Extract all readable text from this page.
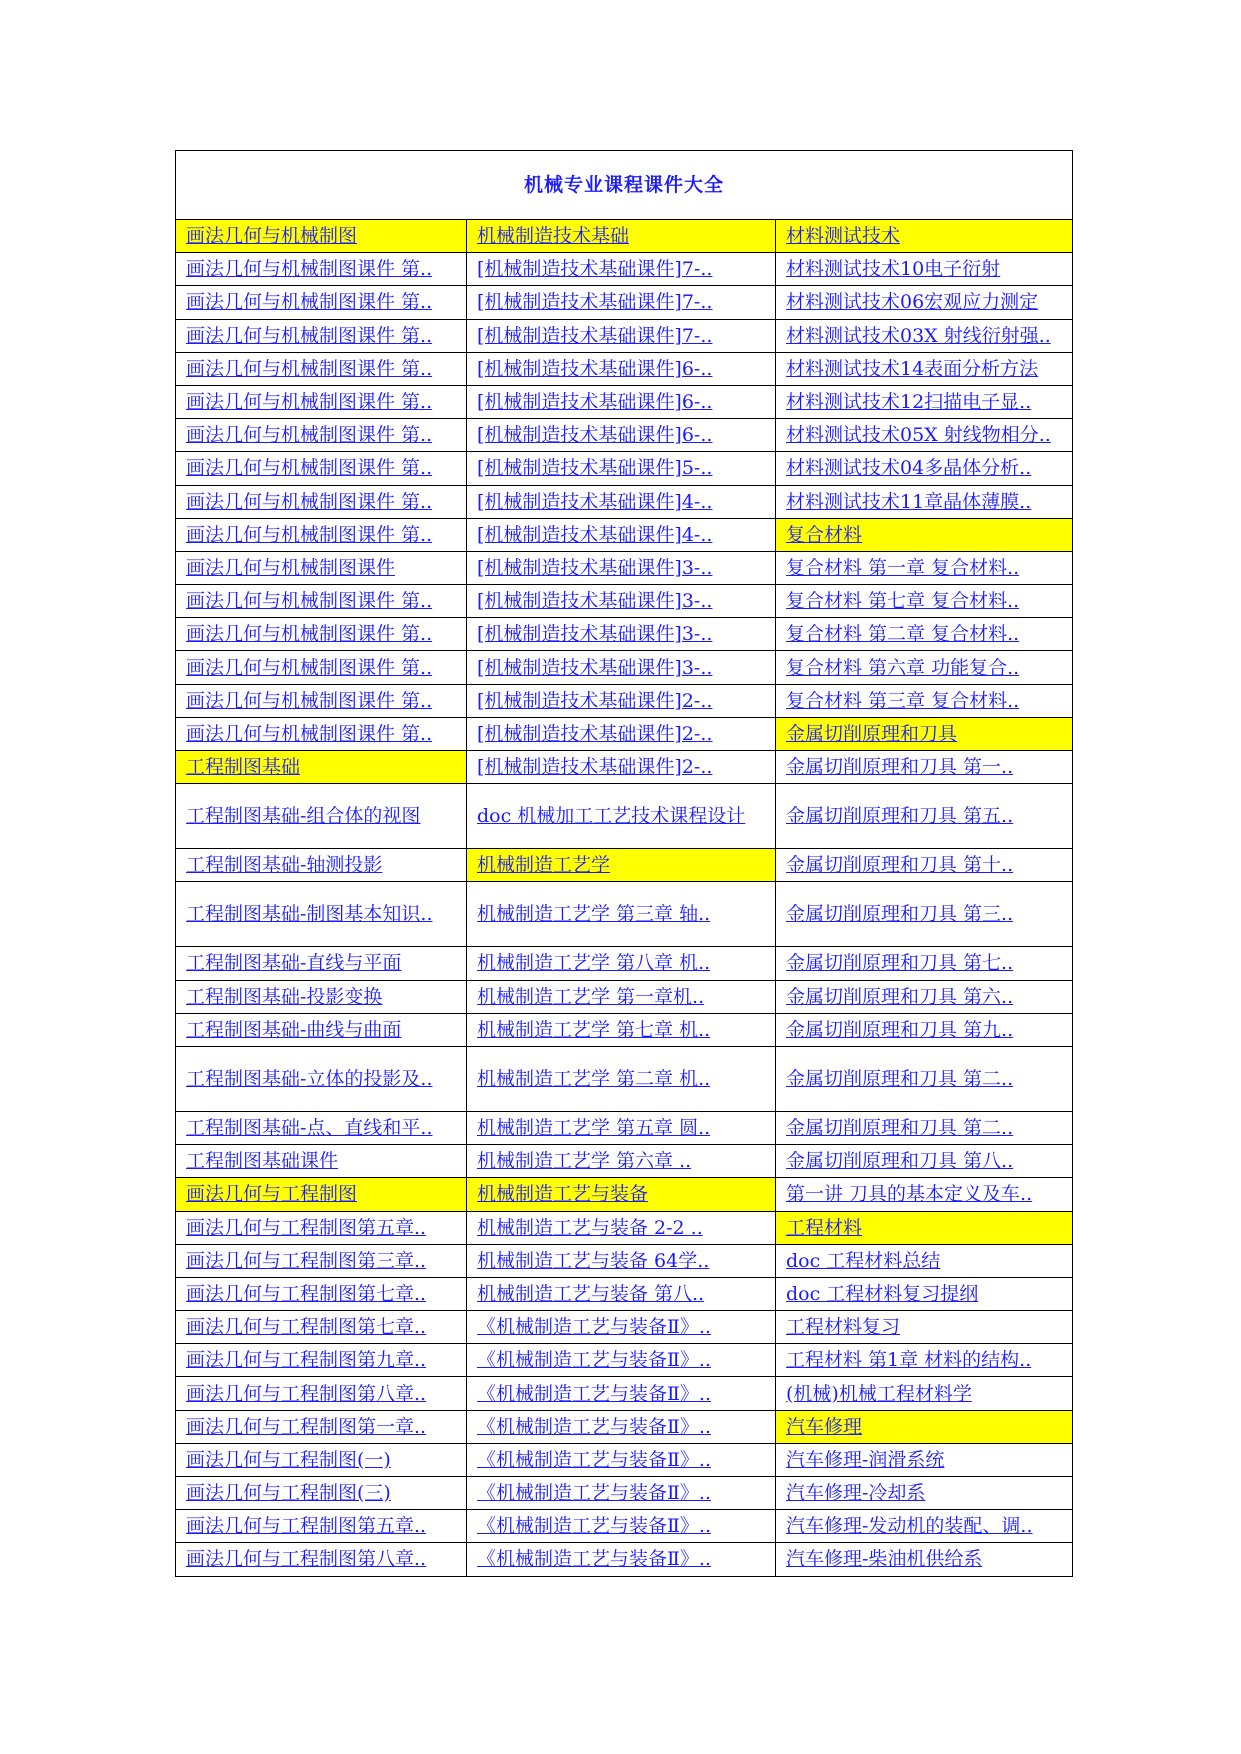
机械专业课程课件大全		
画法几何与机械制图	机械制造技术基础	材料测试技术
画法几何与机械制图课件 第..	[机械制造技术基础课件]7-..	材料测试技术10电子衍射
画法几何与机械制图课件 第..	[机械制造技术基础课件]7-..	材料测试技术06宏观应力测定
画法几何与机械制图课件 第..	[机械制造技术基础课件]7-..	材料测试技术03X 射线衍射强..
画法几何与机械制图课件 第..	[机械制造技术基础课件]6-..	材料测试技术14表面分析方法
画法几何与机械制图课件 第..	[机械制造技术基础课件]6-..	材料测试技术12扫描电子显..
画法几何与机械制图课件 第..	[机械制造技术基础课件]6-..	材料测试技术05X 射线物相分..
画法几何与机械制图课件 第..	[机械制造技术基础课件]5-..	材料测试技术04多晶体分析..
画法几何与机械制图课件 第..	[机械制造技术基础课件]4-..	材料测试技术11章晶体薄膜..
画法几何与机械制图课件 第..	[机械制造技术基础课件]4-..	复合材料
画法几何与机械制图课件	[机械制造技术基础课件]3-..	复合材料 第一章 复合材料..
画法几何与机械制图课件 第..	[机械制造技术基础课件]3-..	复合材料 第七章 复合材料..
画法几何与机械制图课件 第..	[机械制造技术基础课件]3-..	复合材料 第二章 复合材料..
画法几何与机械制图课件 第..	[机械制造技术基础课件]3-..	复合材料 第六章 功能复合..
画法几何与机械制图课件 第..	[机械制造技术基础课件]2-..	复合材料 第三章 复合材料..
画法几何与机械制图课件 第..	[机械制造技术基础课件]2-..	金属切削原理和刀具
工程制图基础	[机械制造技术基础课件]2-..	金属切削原理和刀具 第一..
工程制图基础-组合体的视图	doc 机械加工工艺技术课程设计	金属切削原理和刀具 第五..
工程制图基础-轴测投影	机械制造工艺学	金属切削原理和刀具 第十..
工程制图基础-制图基本知识..	机械制造工艺学 第三章 轴..	金属切削原理和刀具 第三..
工程制图基础-直线与平面	机械制造工艺学 第八章 机..	金属切削原理和刀具 第七..
工程制图基础-投影变换	机械制造工艺学 第一章机..	金属切削原理和刀具 第六..
工程制图基础-曲线与曲面	机械制造工艺学 第七章 机..	金属切削原理和刀具 第九..
工程制图基础-立体的投影及..	机械制造工艺学 第二章 机..	金属切削原理和刀具 第二..
工程制图基础-点、直线和平..	机械制造工艺学 第五章 圆..	金属切削原理和刀具 第二..
工程制图基础课件	机械制造工艺学 第六章 ..	金属切削原理和刀具 第八..
画法几何与工程制图	机械制造工艺与装备	第一讲 刀具的基本定义及车..
画法几何与工程制图第五章..	机械制造工艺与装备 2-2 ..	工程材料
画法几何与工程制图第三章..	机械制造工艺与装备 64学..	doc 工程材料总结
画法几何与工程制图第七章..	机械制造工艺与装备 第八..	doc 工程材料复习提纲
画法几何与工程制图第七章..	《机械制造工艺与装备Ⅱ》..	工程材料复习
画法几何与工程制图第九章..	《机械制造工艺与装备Ⅱ》..	工程材料 第1章 材料的结构..
画法几何与工程制图第八章..	《机械制造工艺与装备Ⅱ》..	(机械)机械工程材料学
画法几何与工程制图第一章..	《机械制造工艺与装备Ⅱ》..	汽车修理
画法几何与工程制图(一)	《机械制造工艺与装备Ⅱ》..	汽车修理-润滑系统
画法几何与工程制图(三)	《机械制造工艺与装备Ⅱ》..	汽车修理-冷却系
画法几何与工程制图第五章..	《机械制造工艺与装备Ⅱ》..	汽车修理-发动机的装配、调..
画法几何与工程制图第八章..	《机械制造工艺与装备Ⅱ》..	汽车修理-柴油机供给系
